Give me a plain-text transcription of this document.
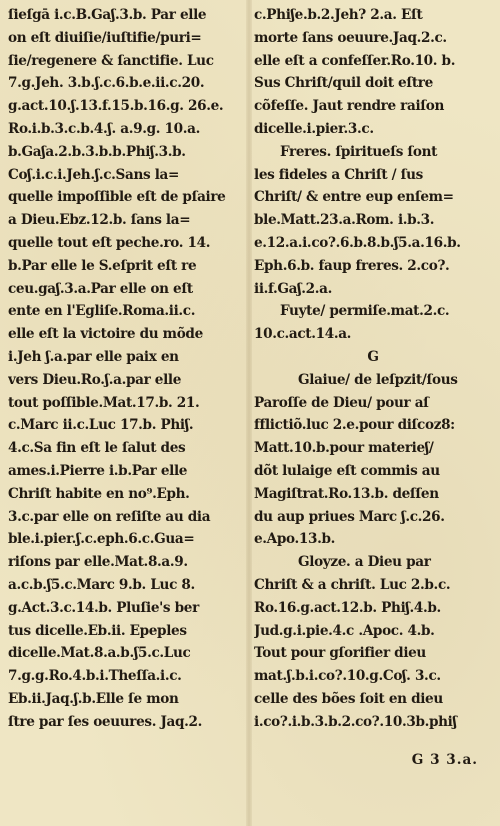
ſieſgā i.c.B.Gaʃ.3.b. Par elle
on eſt diuiſie/iuſtifie/puri=
ſie/regenere & ſanctifie. Luc
7.g.Jeh. 3.b.ʃ.c.6.b.e.ii.c.20.
g.act.10.ʃ.13.f.15.b.16.g. 26.e.
Ro.i.b.3.c.b.4.ʃ. a.9.g. 10.a.
b.Gaʃa.2.b.3.b.b.Phiʃ.3.b.
Coʃ.i.c.i.Jeh.ʃ.c.Sans la=
quelle impoſſible eſt de pſaire
a Dieu.Ebz.12.b. ſans la=
quelle tout eſt peche.ro. 14.
b.Par elle le S.eſprit eſt re
ceu.gaʃ.3.a.Par elle on eſt
ente en l'Egliſe.Roma.ii.c.
elle eſt la victoire du mõde
i.Jeh ʃ.a.par elle paix en
vers Dieu.Ro.ʃ.a.par elle
tout poſſible.Mat.17.b. 21.
c.Marc ii.c.Luc 17.b. Phiʃ.
4.c.Sa fin eſt le ſalut des
ames.i.Pierre i.b.Par elle
Chriſt habite en no⁹.Eph.
3.c.par elle on reſiſte au dia
ble.i.pier.ʃ.c.eph.6.c.Gua=
riſons par elle.Mat.8.a.9.
a.c.b.ʃ5.c.Marc 9.b. Luc 8.
g.Act.3.c.14.b. Pluſie's ber
tus dicelle.Eb.ii. Epeples
dicelle.Mat.8.a.b.ʃ5.c.Luc
7.g.g.Ro.4.b.i.Theſſa.i.c.
Eb.ii.Jaq.ʃ.b.Elle ſe mon
ſtre par ſes oeuures. Jaq.2.
c.Phiʃe.b.2.Jeh? 2.a. Eſt
morte ſans oeuure.Jaq.2.c.
elle eſt a confeſſer.Ro.10. b.
Sus Chriſt/quil doit eſtre
cõfeſſe. Jaut rendre raiſon
dicelle.i.pier.3.c.
Freres. ſpiritueſs ſont
les fideles a Chriſt / ſus
Chriſt/ & entre eup enſem=
ble.Matt.23.a.Rom. i.b.3.
e.12.a.i.co?.6.b.8.b.ʃ5.a.16.b.
Eph.6.b. faup freres. 2.co?.
ii.f.Gaʃ.2.a.
Fuyte/ permiſe.mat.2.c.
10.c.act.14.a.
G
Glaiue/ de leſpzit/ſous
Paroſſe de Dieu/ pour aſ
fflictiõ.luc 2.e.pour diſcoz8:
Matt.10.b.pour materieʃ/
dõt lulaige eſt commis au
Magiſtrat.Ro.13.b. deſſen
du aup priues Marc ʃ.c.26.
e.Apo.13.b.
Gloyze. a Dieu par
Chriſt & a chriſt. Luc 2.b.c.
Ro.16.g.act.12.b. Phiʃ.4.b.
Jud.g.i.pie.4.c .Apoc. 4.b.
Tout pour gſorifier dieu
mat.ʃ.b.i.co?.10.g.Coʃ. 3.c.
celle des bões ſoit en dieu
i.co?.i.b.3.b.2.co?.10.3b.phiʃ
G 3 3.a.
